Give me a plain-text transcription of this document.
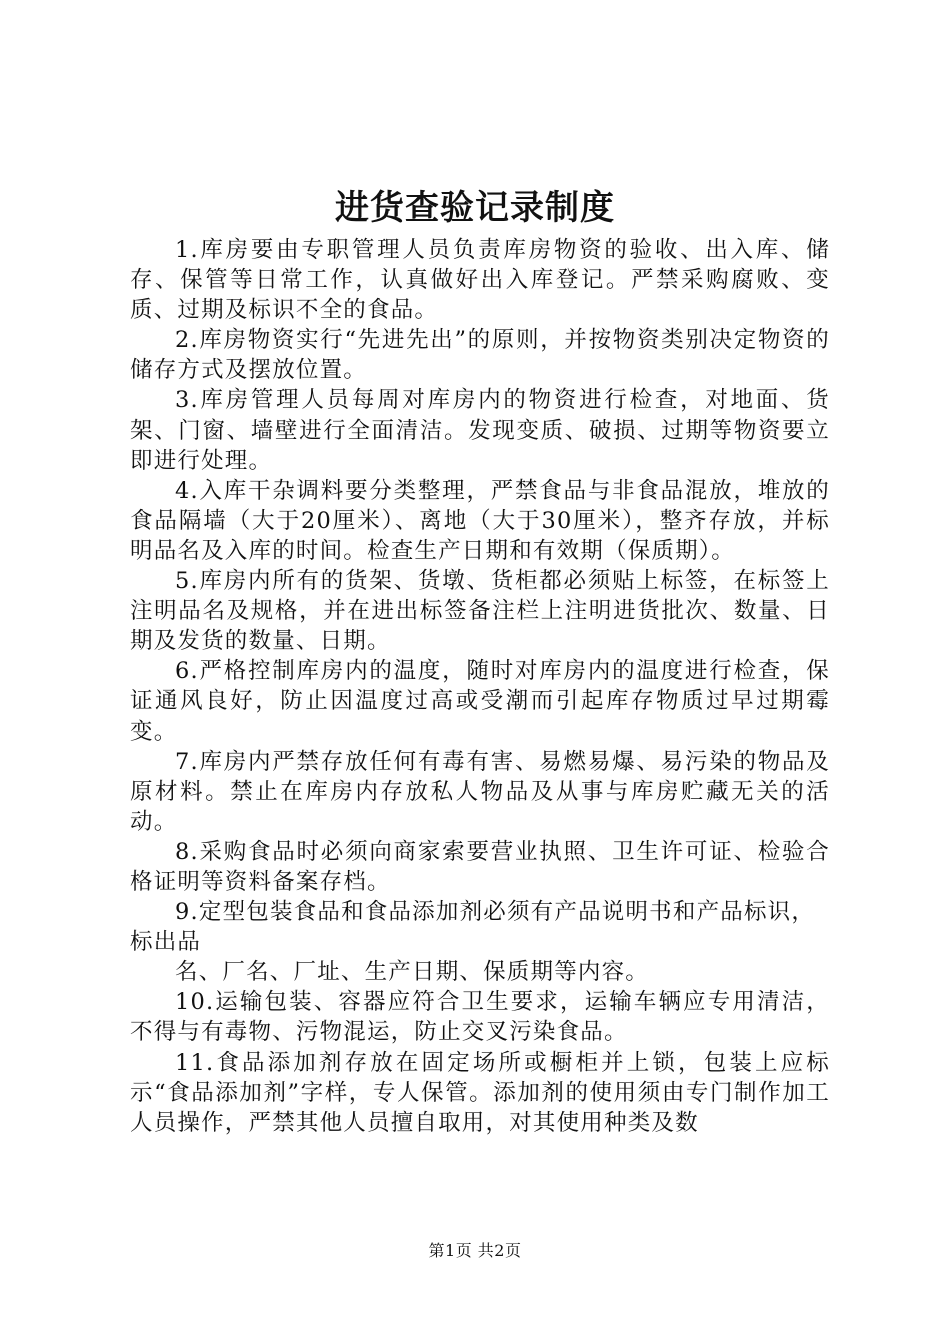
进货查验记录制度

1.库房要由专职管理人员负责库房物资的验收、出入库、储存、保管等日常工作，认真做好出入库登记。严禁采购腐败、变质、过期及标识不全的食品。

2.库房物资实行“先进先出”的原则，并按物资类别决定物资的储存方式及摆放位置。

3.库房管理人员每周对库房内的物资进行检查，对地面、货架、门窗、墙壁进行全面清洁。发现变质、破损、过期等物资要立即进行处理。

4.入库干杂调料要分类整理，严禁食品与非食品混放，堆放的食品隔墙（大于20厘米）、离地（大于30厘米），整齐存放，并标明品名及入库的时间。检查生产日期和有效期（保质期）。

5.库房内所有的货架、货墩、货柜都必须贴上标签，在标签上注明品名及规格，并在进出标签备注栏上注明进货批次、数量、日期及发货的数量、日期。

6.严格控制库房内的温度，随时对库房内的温度进行检查，保证通风良好，防止因温度过高或受潮而引起库存物质过早过期霉变。

7.库房内严禁存放任何有毒有害、易燃易爆、易污染的物品及原材料。禁止在库房内存放私人物品及从事与库房贮藏无关的活动。

8.采购食品时必须向商家索要营业执照、卫生许可证、检验合格证明等资料备案存档。

9.定型包装食品和食品添加剂必须有产品说明书和产品标识，标出品

名、厂名、厂址、生产日期、保质期等内容。

10.运输包装、容器应符合卫生要求，运输车辆应专用清洁，不得与有毒物、污物混运，防止交叉污染食品。

11.食品添加剂存放在固定场所或橱柜并上锁，包装上应标示“食品添加剂”字样，专人保管。添加剂的使用须由专门制作加工人员操作，严禁其他人员擅自取用，对其使用种类及数

第1页 共2页
